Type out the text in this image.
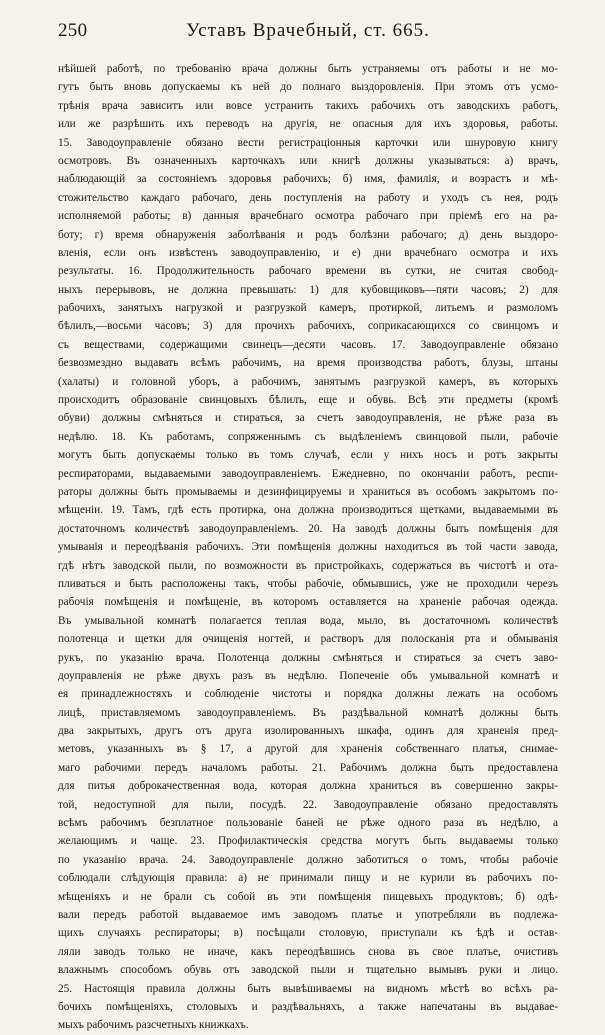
250	Уставъ Врачебный, ст. 665.
нѣйшей работѣ, по требованію врача должны быть устраняемы отъ работы и не мо-
гутъ быть вновь допускаемы къ ней до полнаго выздоровленія. При этомъ отъ усмо-
трѣнія врача зависитъ или вовсе устранить такихъ рабочихъ отъ заводскихъ работъ,
или же разрѣшить ихъ переводъ на другія, не опасныя для ихъ здоровья, работы.
15. Заводоуправленіе обязано вести регистраціонныя карточки или шнуровую книгу
осмотровъ. Въ означенныхъ карточкахъ или книгѣ должны указываться: а) врачъ,
наблюдающій за состояніемъ здоровья рабочихъ; б) имя, фамилія, и возрастъ и мѣ-
стожительство каждаго рабочаго, день поступленія на работу и уходъ съ нея, родъ
исполняемой работы; в) данныя врачебнаго осмотра рабочаго при пріемѣ его на ра-
боту; г) время обнаруженія заболѣванія и родъ болѣзни рабочаго; д) день выздоро-
вленія, если онъ извѣстенъ заводоуправленію, и е) дни врачебнаго осмотра и ихъ
результаты. 16. Продолжительность рабочаго времени въ сутки, не считая свобод-
ныхъ перерывовъ, не должна превышать: 1) для кубовщиковъ—пяти часовъ; 2) для
рабочихъ, занятыхъ нагрузкой и разгрузкой камеръ, протиркой, литьемъ и размоломъ
бѣлилъ,—восьми часовъ; 3) для прочихъ рабочихъ, соприкасающихся со свинцомъ и
съ веществами, содержащими свинецъ—десяти часовъ. 17. Заводоуправленіе обязано
безвозмездно выдавать всѣмъ рабочимъ, на время производства работъ, блузы, штаны
(халаты) и головной уборъ, а рабочимъ, занятымъ разгрузкой камеръ, въ которыхъ
происходитъ образованіе свинцовыхъ бѣлилъ, еще и обувь. Всѣ эти предметы (кромѣ
обуви) должны смѣняться и стираться, за счетъ заводоуправленія, не рѣже раза въ
недѣлю. 18. Къ работамъ, сопряженнымъ съ выдѣленіемъ свинцовой пыли, рабочіе
могутъ быть допускаемы только въ томъ случаѣ, если у нихъ носъ и ротъ закрыты
респираторами, выдаваемыми заводоуправленіемъ. Ежедневно, по окончаніи работъ, респи-
раторы должны быть промываемы и дезинфицируемы и храниться въ особомъ закрытомъ по-
мѣщеніи. 19. Тамъ, гдѣ есть протирка, она должна производиться щетками, выдаваемыми въ
достаточномъ количествѣ заводоуправленіемъ. 20. На заводѣ должны быть помѣщенія для
умыванія и переодѣванія рабочихъ. Эти помѣщенія должны находиться въ той части завода,
гдѣ нѣтъ заводской пыли, по возможности въ пристройкахъ, содержаться въ чистотѣ и ота-
пливаться и быть расположены такъ, чтобы рабочіе, обмывшись, уже не проходили черезъ
рабочія помѣщенія и помѣщеніе, въ которомъ оставляется на храненіе рабочая одежда.
Въ умывальной комнатѣ полагается теплая вода, мыло, въ достаточномъ количествѣ
полотенца и щетки для очищенія ногтей, и растворъ для полосканія рта и обмыванія
рукъ, по указанію врача. Полотенца должны смѣняться и стираться за счетъ заво-
доуправленія не рѣже двухъ разъ въ недѣлю. Попеченіе объ умывальной комнатѣ и
ея принадлежностяхъ и соблюденіе чистоты и порядка должны лежать на особомъ
лицѣ, приставляемомъ заводоуправленіемъ. Въ раздѣвальной комнатѣ должны быть
два закрытыхъ, другъ отъ друга изолированныхъ шкафа, одинъ для храненія пред-
метовъ, указанныхъ въ § 17, а другой для храненія собственнаго платья, снимае-
маго рабочими передъ началомъ работы. 21. Рабочимъ должна быть предоставлена
для питья доброкачественная вода, которая должна храниться въ совершенно закры-
той, недоступной для пыли, посудѣ. 22. Заводоуправленіе обязано предоставлять
всѣмъ рабочимъ безплатное пользованіе баней не рѣже одного раза въ недѣлю, а
желающимъ и чаще. 23. Профилактическія средства могутъ быть выдаваемы только
по указанію врача. 24. Заводоуправленіе должно заботиться о томъ, чтобы рабочіе
соблюдали слѣдующія правила: а) не принимали пищу и не курили въ рабочихъ по-
мѣщеніяхъ и не брали съ собой въ эти помѣщенія пищевыхъ продуктовъ; б) одѣ-
вали передъ работой выдаваемое имъ заводомъ платье и употребляли въ подлежа-
щихъ случаяхъ респираторы; в) посѣщали столовую, приступали къ ѣдѣ и остав-
ляли заводъ только не иначе, какъ переодѣвшись снова въ свое платье, очистивъ
влажнымъ способомъ обувь отъ заводской пыли и тщательно вымывъ руки и лицо.
25. Настоящія правила должны быть вывѣшиваемы на видномъ мѣстѣ во всѣхъ ра-
бочихъ помѣщеніяхъ, столовыхъ и раздѣвальняхъ, а также напечатаны въ выдавае-
мыхъ рабочимъ разсчетныхъ книжкахъ.
